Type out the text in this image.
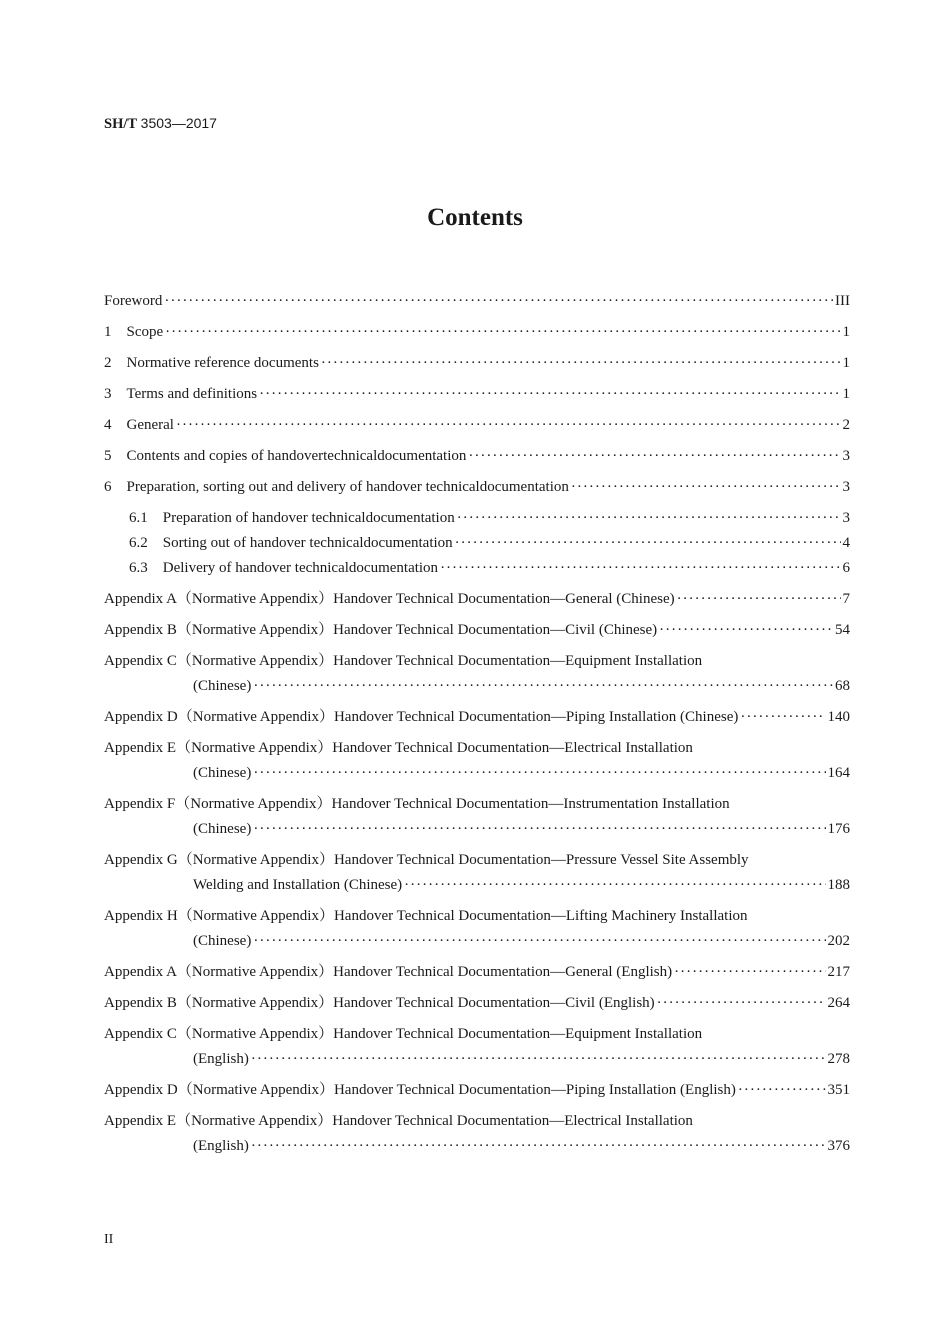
SH/T 3503—2017
Contents
Foreword ·····	III
1 Scope ·····	1
2 Normative reference documents ·····	1
3 Terms and definitions ·····	1
4 General ·····	2
5 Contents and copies of handovertechnicaldocumentation ·····	3
6 Preparation, sorting out and delivery of handover technicaldocumentation ·····	3
6.1 Preparation of handover technicaldocumentation ·····	3
6.2 Sorting out of handover technicaldocumentation ·····	4
6.3 Delivery of handover technicaldocumentation ·····	6
Appendix A（Normative Appendix）Handover Technical Documentation—General (Chinese) ·····	7
Appendix B（Normative Appendix）Handover Technical Documentation—Civil (Chinese) ·····	54
Appendix C（Normative Appendix）Handover Technical Documentation—Equipment Installation
(Chinese) ·····	68
Appendix D（Normative Appendix）Handover Technical Documentation—Piping Installation (Chinese) ·····	140
Appendix E（Normative Appendix）Handover Technical Documentation—Electrical Installation
(Chinese) ·····	164
Appendix F（Normative Appendix）Handover Technical Documentation—Instrumentation Installation
(Chinese) ·····	176
Appendix G（Normative Appendix）Handover Technical Documentation—Pressure Vessel Site Assembly
Welding and Installation (Chinese) ·····	188
Appendix H（Normative Appendix）Handover Technical Documentation—Lifting Machinery Installation
(Chinese) ·····	202
Appendix A（Normative Appendix）Handover Technical Documentation—General (English) ·····	217
Appendix B（Normative Appendix）Handover Technical Documentation—Civil (English) ·····	264
Appendix C（Normative Appendix）Handover Technical Documentation—Equipment Installation
(English) ·····	278
Appendix D（Normative Appendix）Handover Technical Documentation—Piping Installation (English) ·····	351
Appendix E（Normative Appendix）Handover Technical Documentation—Electrical Installation
(English) ·····	376
II
